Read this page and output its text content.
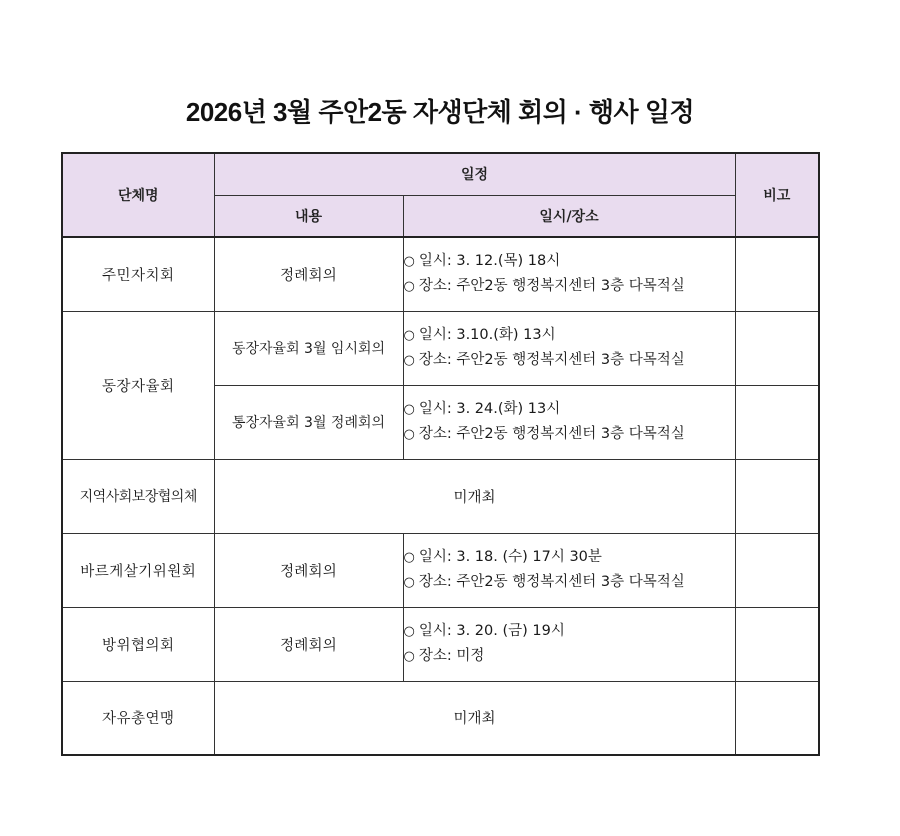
2026년 3월 주안2동 자생단체 회의 · 행사 일정
단체명	일정		비고
	내용	일시/장소	
주민자치회	정례회의	○ 일시: 3. 12.(목) 18시
○ 장소: 주안2동 행정복지센터 3층 다목적실	

동장자율회	동장자율회 3월 임시회의	○ 일시: 3.10.(화) 13시
○ 장소: 주안2동 행정복지센터 3층 다목적실	

	통장자율회 3월 정례회의	○ 일시: 3. 24.(화) 13시
○ 장소: 주안2동 행정복지센터 3층 다목적실	

지역사회보장협의체	미개최		
바르게살기위원회	정례회의	○ 일시: 3. 18. (수) 17시 30분
○ 장소: 주안2동 행정복지센터 3층 다목적실	

방위협의회	정례회의	○ 일시: 3. 20. (금) 19시
○ 장소: 미정	

자유총연맹	미개최		
